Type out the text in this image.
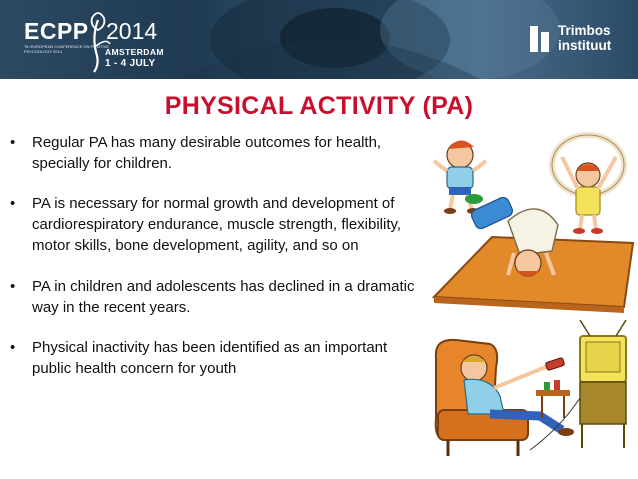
ECPP 2014
7th EUROPEAN CONFERENCE ON POSITIVE PSYCHOLOGY 2014	AMSTERDAM
1 - 4 JULY
Trimbos
instituut
PHYSICAL ACTIVITY (PA)
• Regular PA has many desirable outcomes for health, specially for children.
• PA is necessary for normal growth and development of cardiorespiratory endurance, muscle strength, flexibility, motor skills, bone development, agility, and so on
• PA in children and adolescents has declined in a dramatic way in the recent years.
• Physical inactivity has been identified as an important public health concern for youth
